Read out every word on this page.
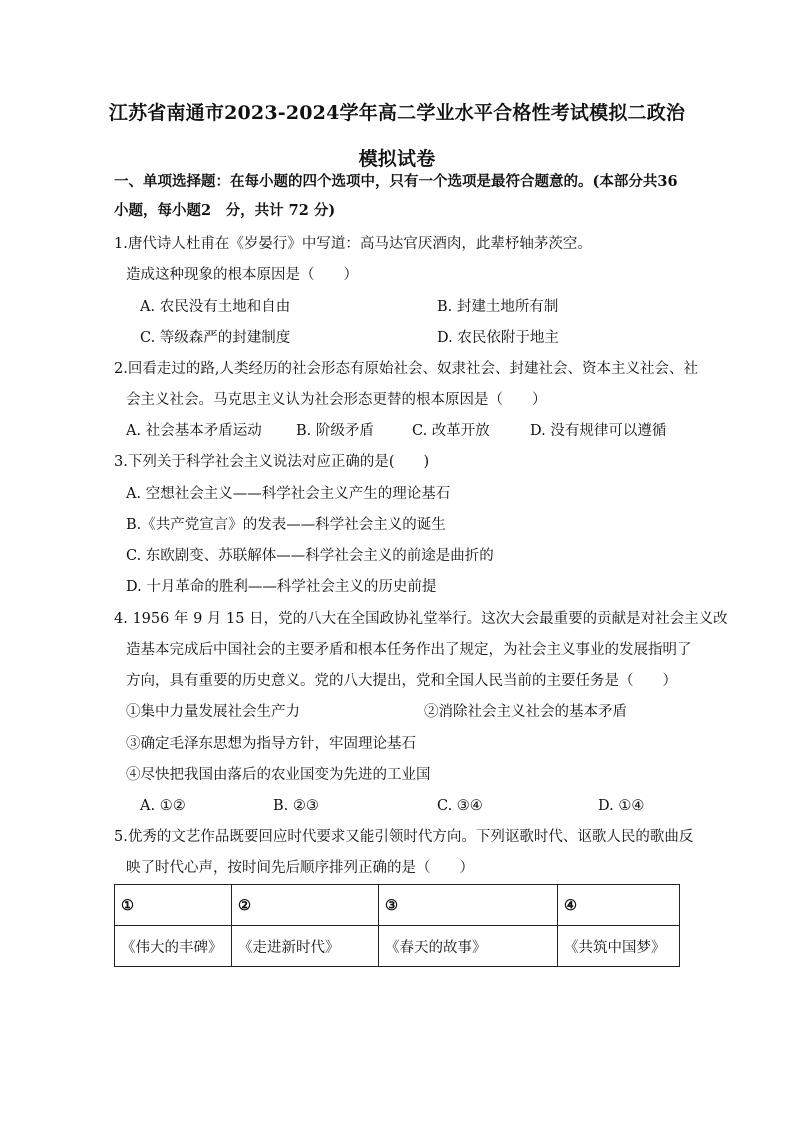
江苏省南通市2023-2024学年高二学业水平合格性考试模拟二政治
模拟试卷
一、单项选择题：在每小题的四个选项中，只有一个选项是最符合题意的。(本部分共36
小题，每小题2　分，共计 72 分)
1.唐代诗人杜甫在《岁晏行》中写道：高马达官厌酒肉，此辈杼轴茅茨空。
造成这种现象的根本原因是（　　）
A. 农民没有土地和自由	B. 封建土地所有制
C. 等级森严的封建制度	D. 农民依附于地主
2.回看走过的路,人类经历的社会形态有原始社会、奴隶社会、封建社会、资本主义社会、社
会主义社会。马克思主义认为社会形态更替的根本原因是（　　）
A. 社会基本矛盾运动 B. 阶级矛盾	C. 改革开放	D. 没有规律可以遵循
3.下列关于科学社会主义说法对应正确的是(　　)
A. 空想社会主义——科学社会主义产生的理论基石
B.《共产党宣言》的发表——科学社会主义的诞生
C. 东欧剧变、苏联解体——科学社会主义的前途是曲折的
D. 十月革命的胜利——科学社会主义的历史前提
4. 1956 年 9 月 15 日，党的八大在全国政协礼堂举行。这次大会最重要的贡献是对社会主义改
造基本完成后中国社会的主要矛盾和根本任务作出了规定，为社会主义事业的发展指明了
方向，具有重要的历史意义。党的八大提出，党和全国人民当前的主要任务是（　　）
①集中力量发展社会生产力	②消除社会主义社会的基本矛盾
③确定毛泽东思想为指导方针，牢固理论基石
④尽快把我国由落后的农业国变为先进的工业国
A. ①②	B. ②③	C. ③④	D. ①④
5.优秀的文艺作品既要回应时代要求又能引领时代方向。下列讴歌时代、讴歌人民的歌曲反
映了时代心声，按时间先后顺序排列正确的是（　　）
①	②	③	④
《伟大的丰碑》	《走进新时代》	《春天的故事》	《共筑中国梦》
